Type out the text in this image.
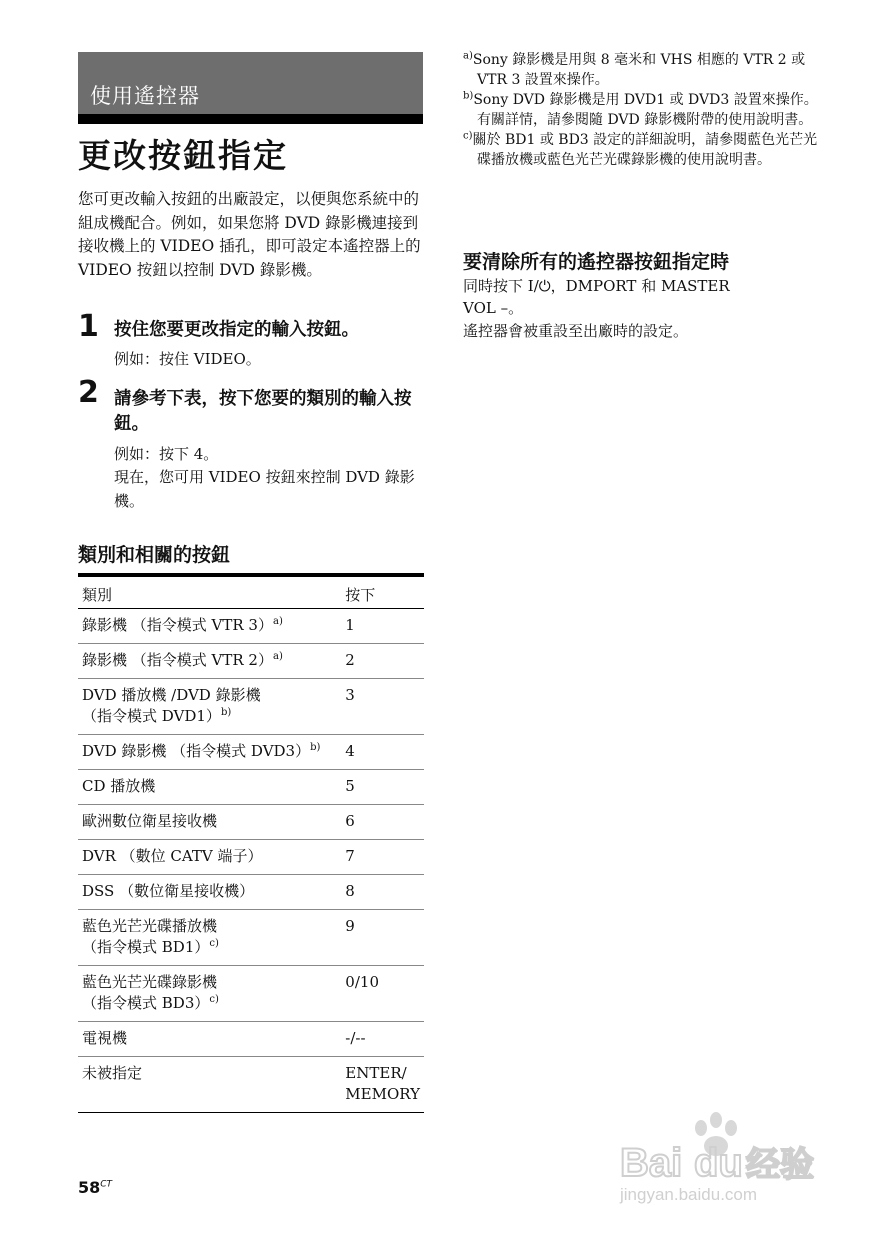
使用遙控器
更改按鈕指定

您可更改輸入按鈕的出廠設定，以便與您系統中的組成機配合。例如，如果您將 DVD 錄影機連接到接收機上的 VIDEO 插孔，即可設定本遙控器上的 VIDEO 按鈕以控制 DVD 錄影機。

1 按住您要更改指定的輸入按鈕。

例如：按住 VIDEO。

2 請參考下表，按下您要的類別的輸入按鈕。

例如：按下 4。

現在，您可用 VIDEO 按鈕來控制 DVD 錄影機。

類別和相關的按鈕
類別	按下
錄影機 （指令模式 VTR 3）$^{a)}$	1
錄影機 （指令模式 VTR 2）$^{a)}$	2
DVD 播放機 /DVD 錄影機
（指令模式 DVD1）$^{b)}$	3
DVD 錄影機 （指令模式 DVD3）$^{b)}$	4
CD 播放機	5
歐洲數位衛星接收機	6
DVR （數位 CATV 端子）	7
DSS （數位衛星接收機）	8
藍色光芒光碟播放機
（指令模式 BD1）$^{c)}$	9
藍色光芒光碟錄影機
（指令模式 BD3）$^{c)}$	0/10
電視機	-/--
未被指定	ENTER/
MEMORY
$^{a)}$Sony 錄影機是用與 8 毫米和 VHS 相應的 VTR 2 或 VTR 3 設置來操作。
$^{b)}$Sony DVD 錄影機是用 DVD1 或 DVD3 設置來操作。有關詳情，請參閱隨 DVD 錄影機附帶的使用說明書。
$^{c)}$關於 BD1 或 BD3 設定的詳細說明，請參閱藍色光芒光碟播放機或藍色光芒光碟錄影機的使用說明書。
要清除所有的遙控器按鈕指定時

同時按下 I/⏻，DMPORT 和 MASTER
VOL –。

遙控器會被重設至出廠時的設定。

$58^{CT}$	Bai du 经验
jingyan.baidu.com
